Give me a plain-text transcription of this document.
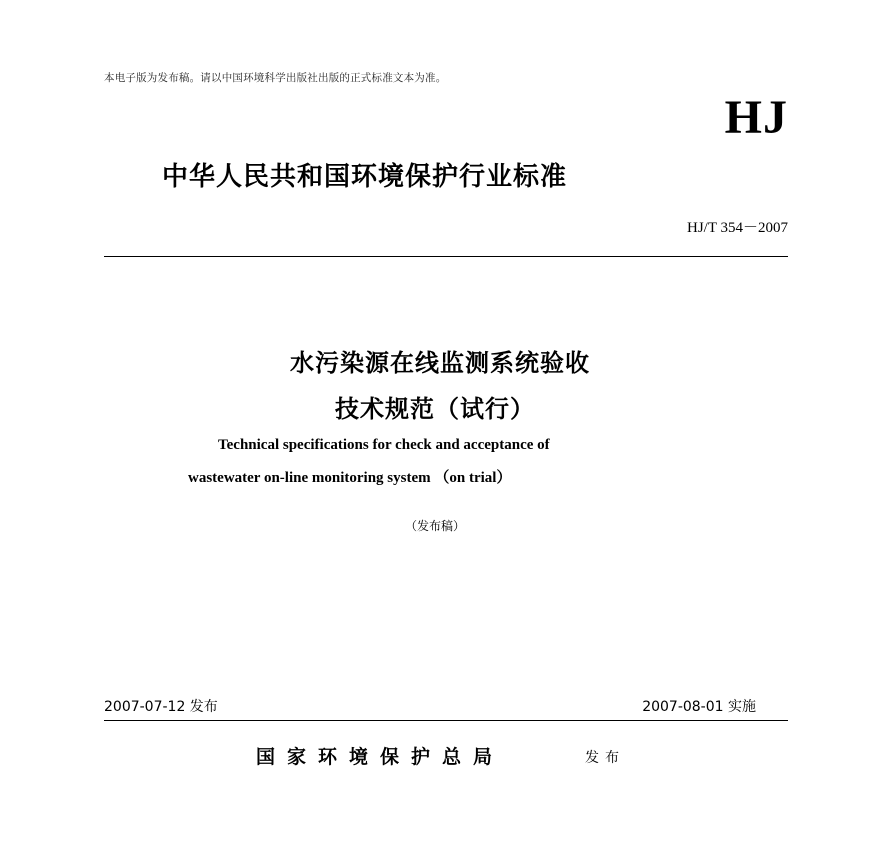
本电子版为发布稿。请以中国环境科学出版社出版的正式标准文本为准。
HJ
中华人民共和国环境保护行业标准
HJ/T 354－2007
水污染源在线监测系统验收
技术规范（试行）
Technical specifications for check and acceptance of
wastewater on-line monitoring system （on trial）
（发布稿）
2007-07-12 发布	2007-08-01 实施
国家环境保护总局	发布
